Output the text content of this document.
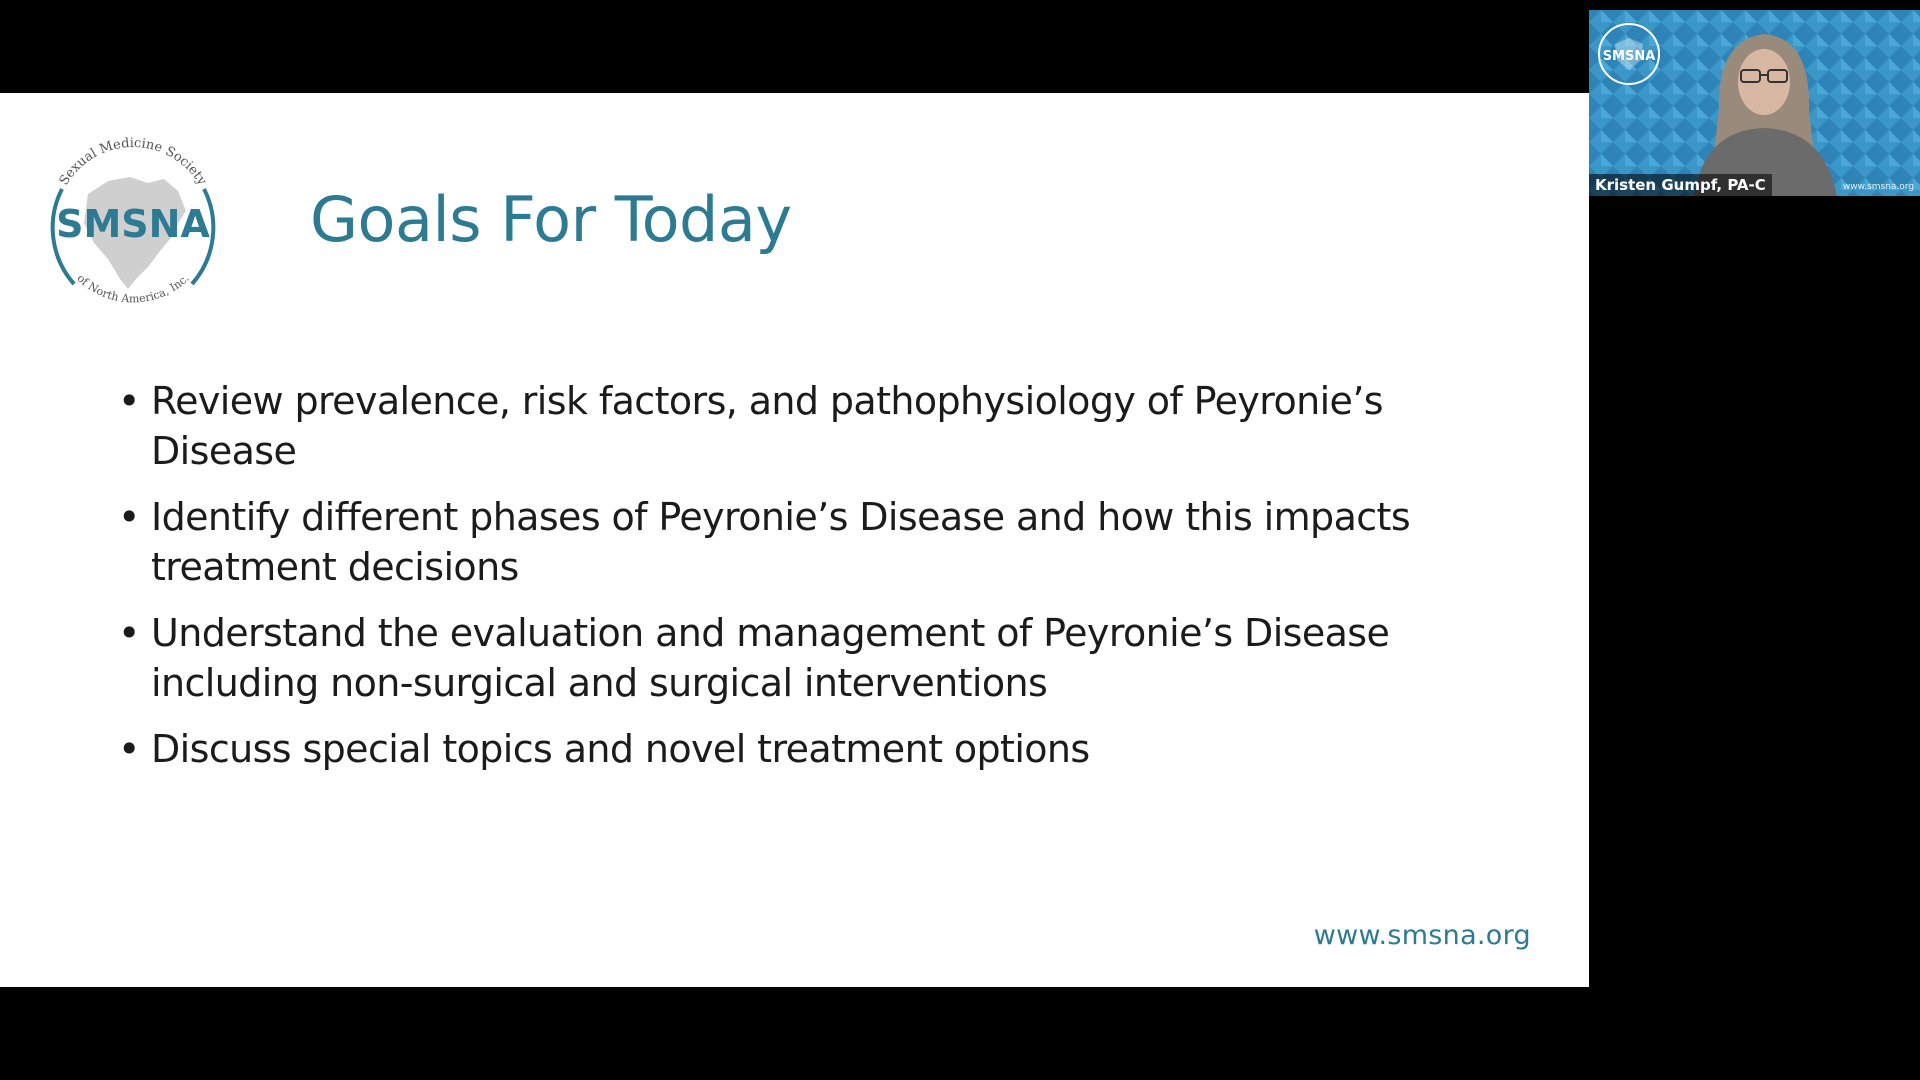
Sexual Medicine Society
of North America, Inc.
SMSNA Goals For Today
• Review prevalence, risk factors, and pathophysiology of Peyronie’s Disease
• Identify different phases of Peyronie’s Disease and how this impacts treatment decisions
• Understand the evaluation and management of Peyronie’s Disease including non-surgical and surgical interventions
• Discuss special topics and novel treatment options
www.smsna.org
SMSNA
Kristen Gumpf, PA-C	www.smsna.org
